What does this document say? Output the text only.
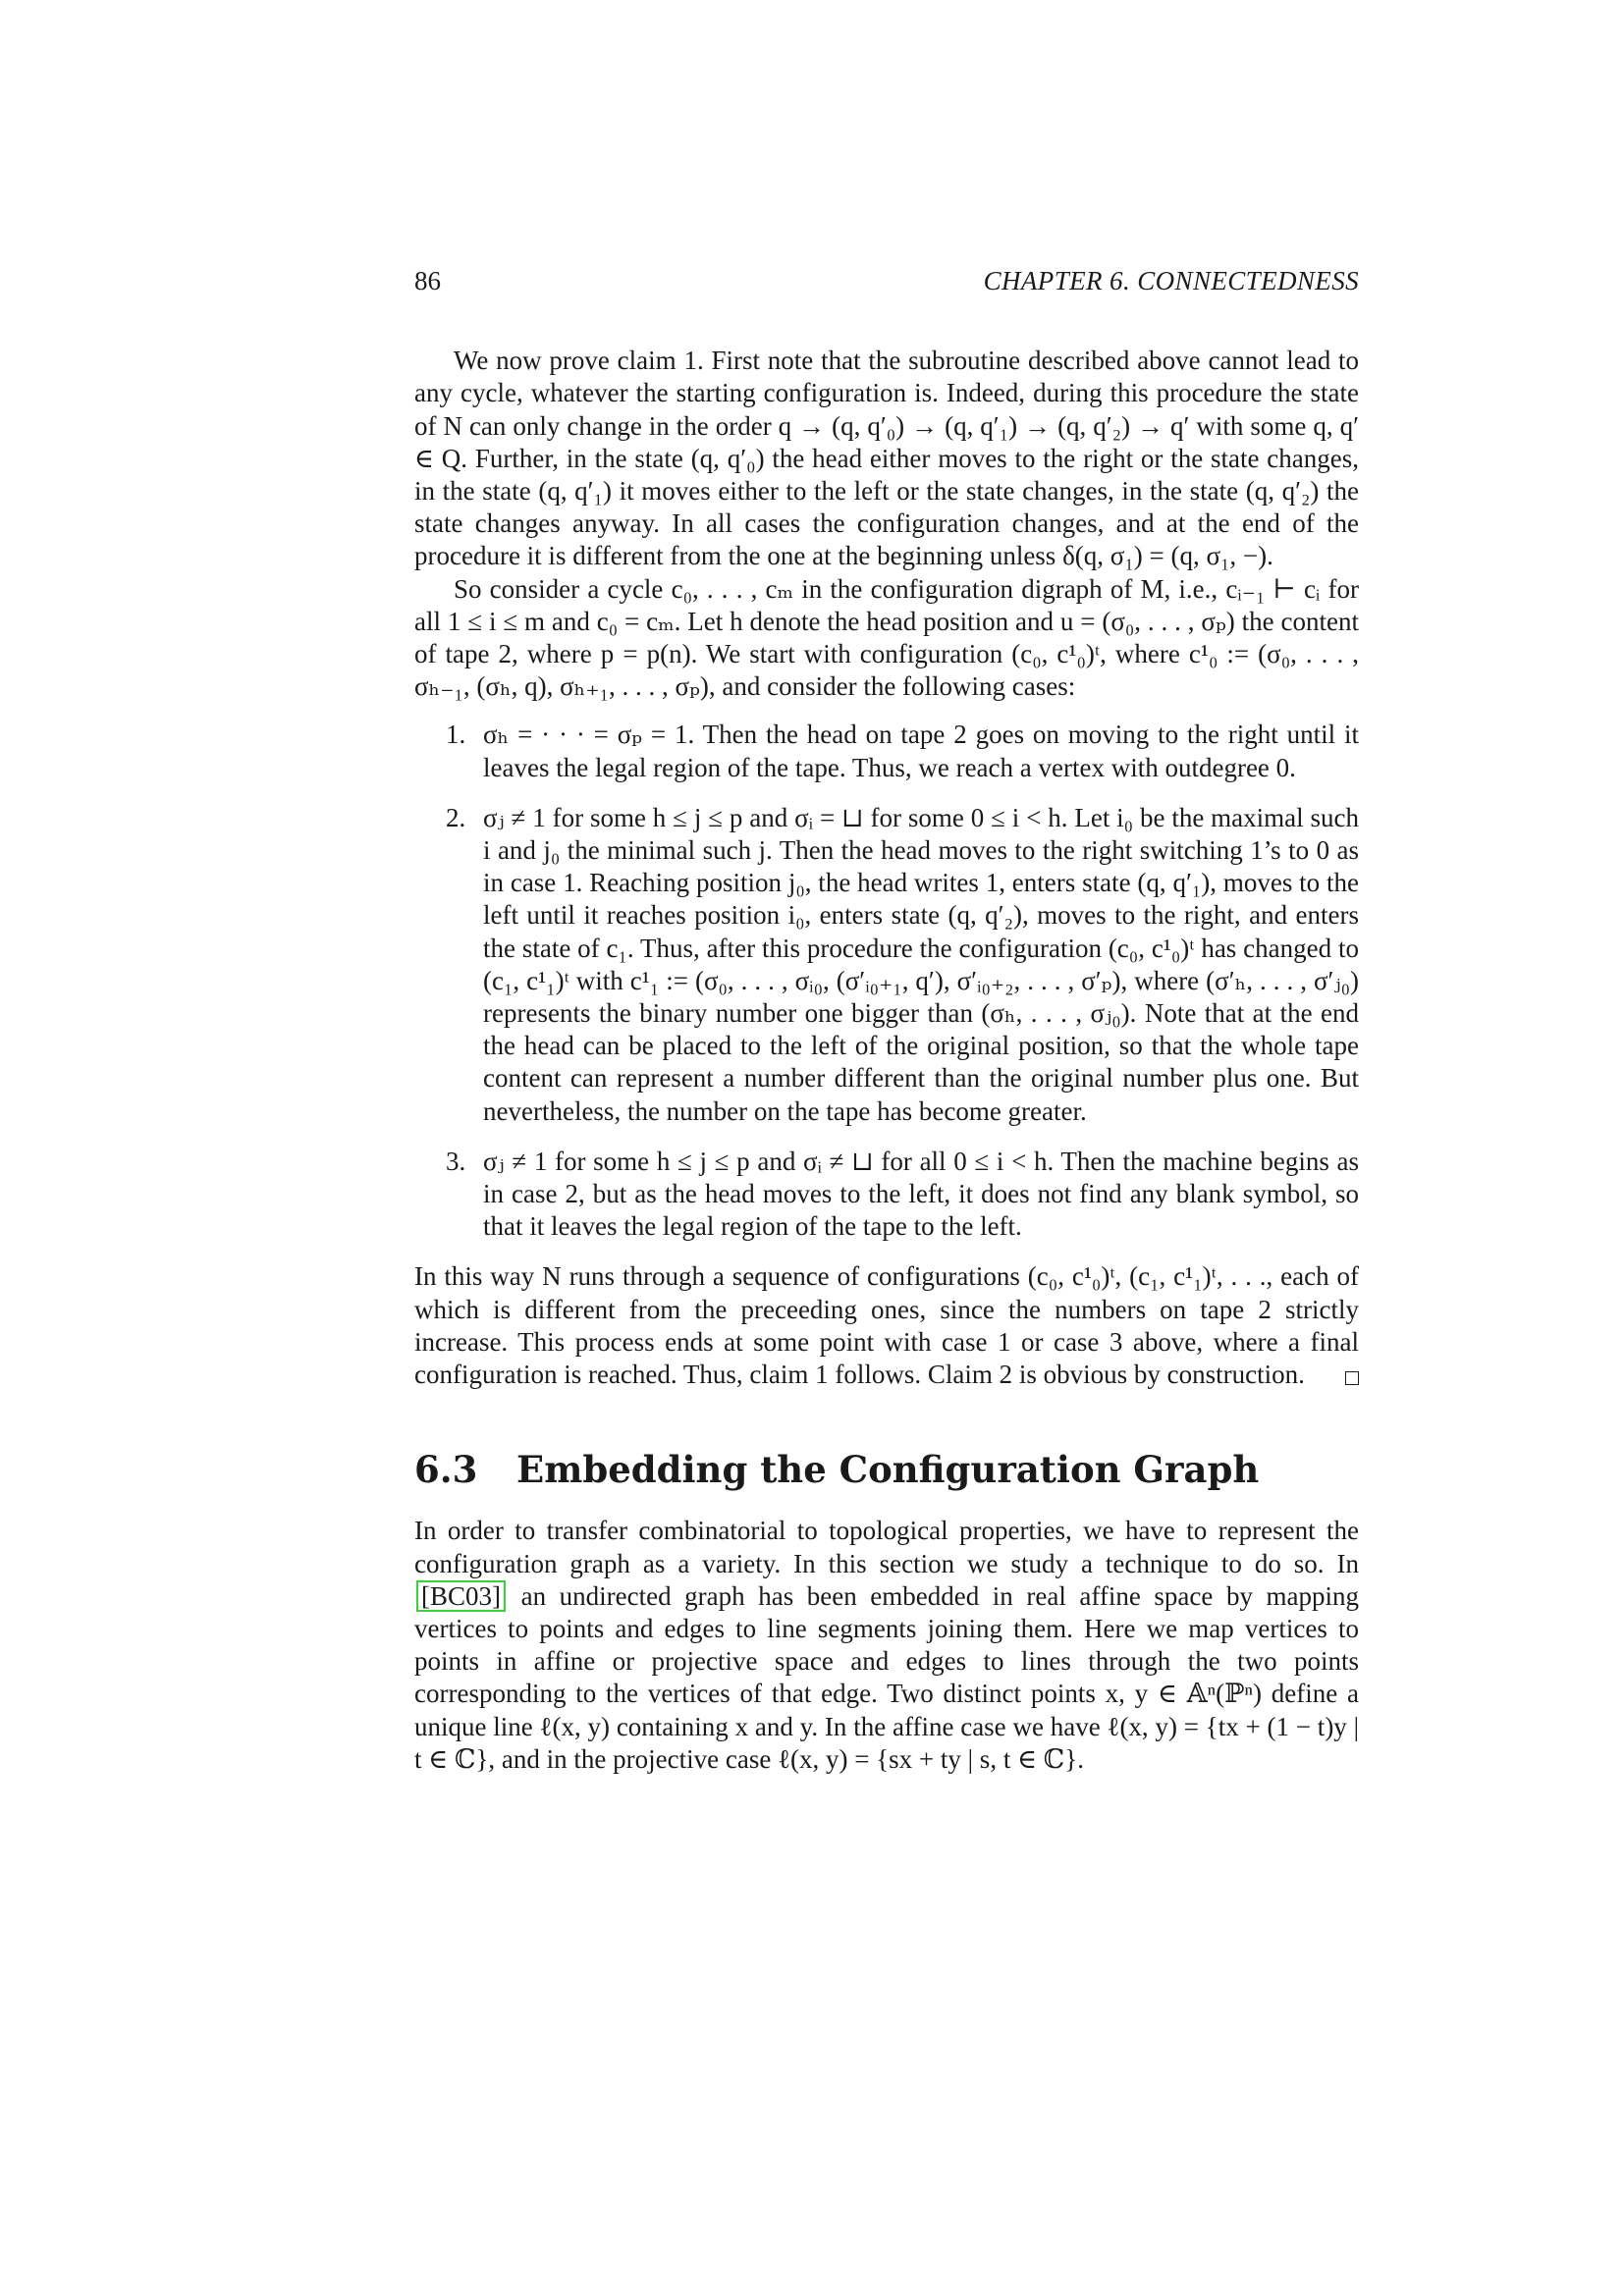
86	CHAPTER 6. CONNECTEDNESS

We now prove claim 1. First note that the subroutine described above cannot lead to any cycle, whatever the starting configuration is. Indeed, during this procedure the state of N can only change in the order q → (q, q′₀) → (q, q′₁) → (q, q′₂) → q′ with some q, q′ ∈ Q. Further, in the state (q, q′₀) the head either moves to the right or the state changes, in the state (q, q′₁) it moves either to the left or the state changes, in the state (q, q′₂) the state changes anyway. In all cases the configuration changes, and at the end of the procedure it is different from the one at the beginning unless δ(q, σ₁) = (q, σ₁, −).

So consider a cycle c₀, . . . , cₘ in the configuration digraph of M, i.e., cᵢ₋₁ ⊢ cᵢ for all 1 ≤ i ≤ m and c₀ = cₘ. Let h denote the head position and u = (σ₀, . . . , σₚ) the content of tape 2, where p = p(n). We start with configuration (c₀, c¹₀)ᵗ, where c¹₀ := (σ₀, . . . , σₕ₋₁, (σₕ, q), σₕ₊₁, . . . , σₚ), and consider the following cases:

1. σₕ = · · · = σₚ = 1. Then the head on tape 2 goes on moving to the right until it leaves the legal region of the tape. Thus, we reach a vertex with outdegree 0.
2. σⱼ ≠ 1 for some h ≤ j ≤ p and σᵢ = ⊔ for some 0 ≤ i < h. Let i₀ be the maximal such i and j₀ the minimal such j. Then the head moves to the right switching 1’s to 0 as in case 1. Reaching position j₀, the head writes 1, enters state (q, q′₁), moves to the left until it reaches position i₀, enters state (q, q′₂), moves to the right, and enters the state of c₁. Thus, after this procedure the configuration (c₀, c¹₀)ᵗ has changed to (c₁, c¹₁)ᵗ with c¹₁ := (σ₀, . . . , σᵢ₀, (σ′ᵢ₀₊₁, q′), σ′ᵢ₀₊₂, . . . , σ′ₚ), where (σ′ₕ, . . . , σ′ⱼ₀) represents the binary number one bigger than (σₕ, . . . , σⱼ₀). Note that at the end the head can be placed to the left of the original position, so that the whole tape content can represent a number different than the original number plus one. But nevertheless, the number on the tape has become greater.
3. σⱼ ≠ 1 for some h ≤ j ≤ p and σᵢ ≠ ⊔ for all 0 ≤ i < h. Then the machine begins as in case 2, but as the head moves to the left, it does not find any blank symbol, so that it leaves the legal region of the tape to the left.

In this way N runs through a sequence of configurations (c₀, c¹₀)ᵗ, (c₁, c¹₁)ᵗ, . . ., each of which is different from the preceeding ones, since the numbers on tape 2 strictly increase. This process ends at some point with case 1 or case 3 above, where a final configuration is reached. Thus, claim 1 follows. Claim 2 is obvious by construction.

6.3 Embedding the Configuration Graph

In order to transfer combinatorial to topological properties, we have to represent the configuration graph as a variety. In this section we study a technique to do so. In [BC03] an undirected graph has been embedded in real affine space by mapping vertices to points and edges to line segments joining them. Here we map vertices to points in affine or projective space and edges to lines through the two points corresponding to the vertices of that edge. Two distinct points x, y ∈ 𝔸ⁿ(ℙⁿ) define a unique line ℓ(x, y) containing x and y. In the affine case we have ℓ(x, y) = {tx + (1 − t)y | t ∈ ℂ}, and in the projective case ℓ(x, y) = {sx + ty | s, t ∈ ℂ}.
